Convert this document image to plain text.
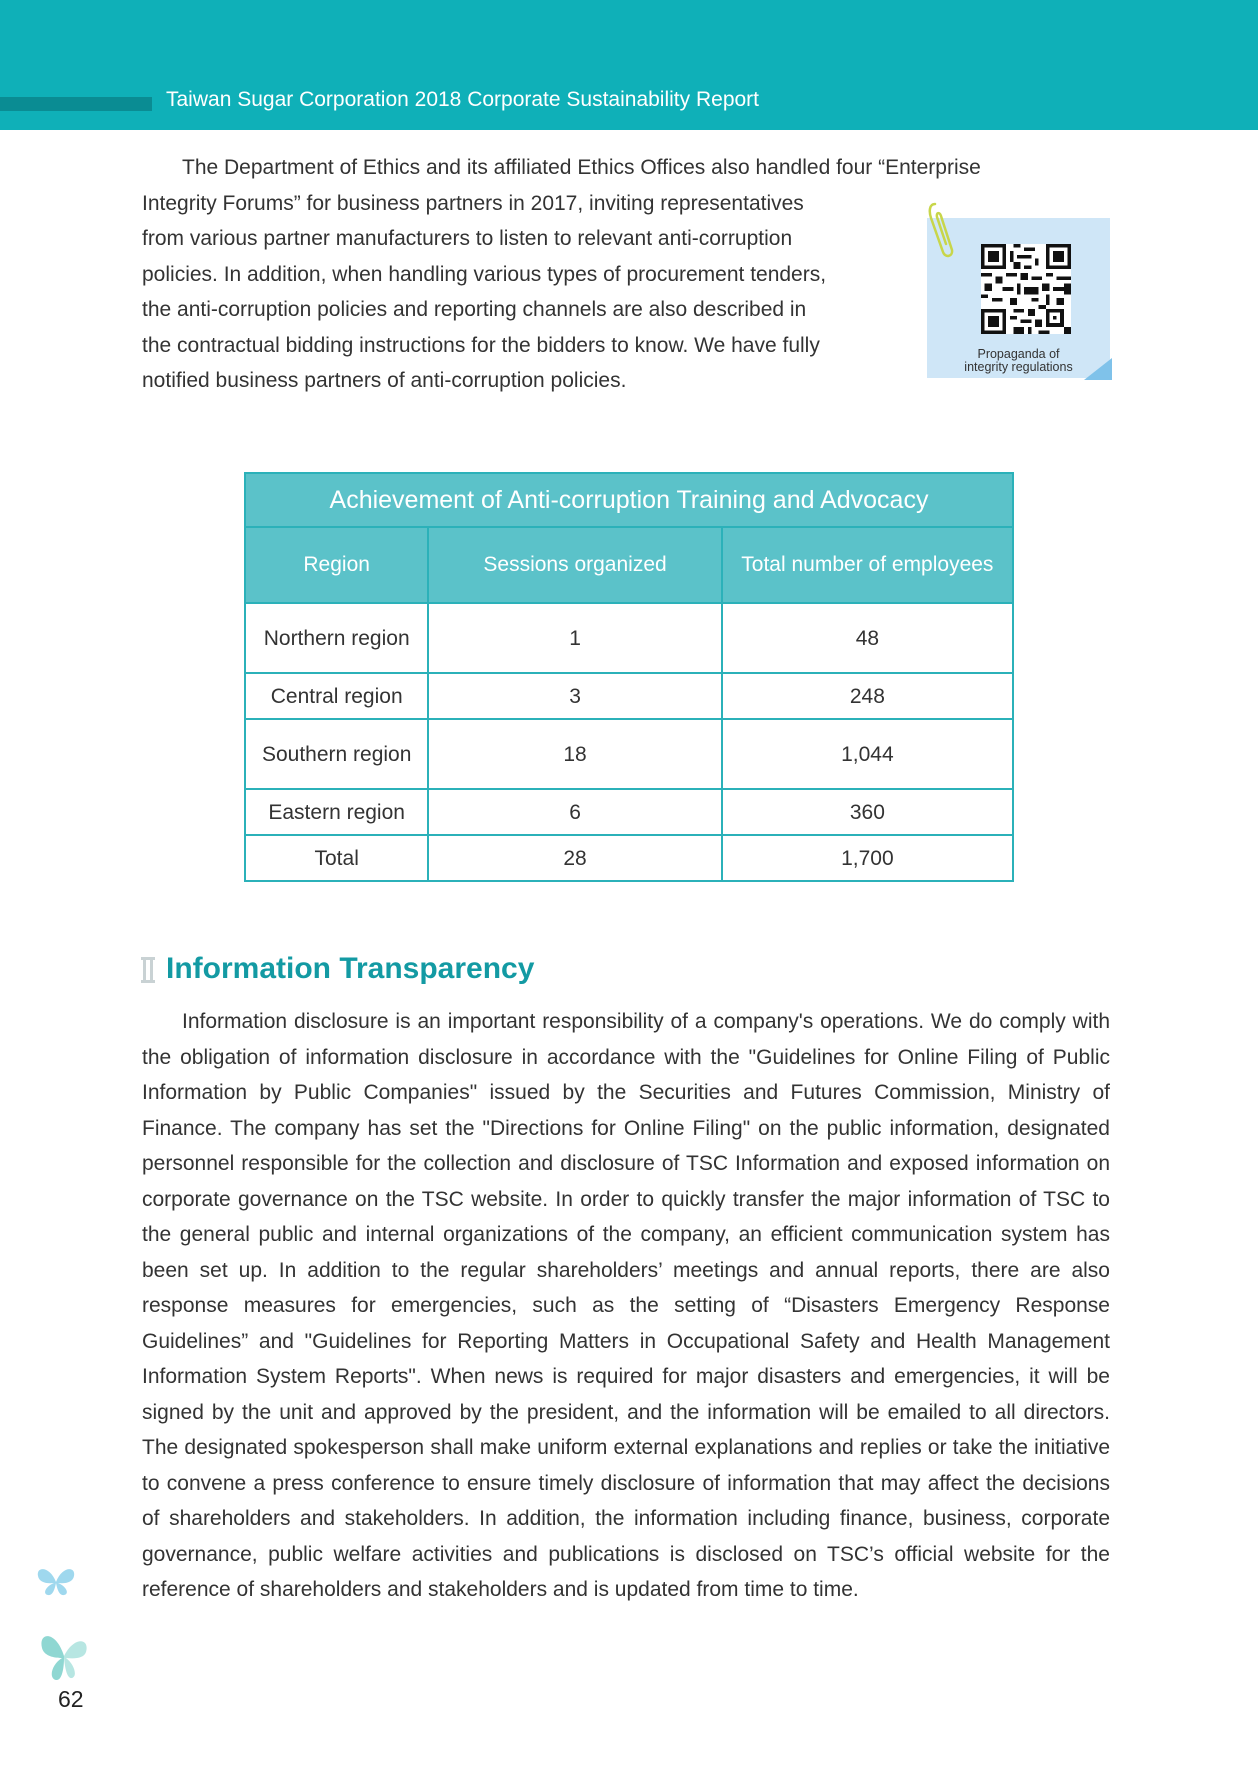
Taiwan Sugar Corporation 2018 Corporate Sustainability Report

The Department of Ethics and its affiliated Ethics Offices also handled four “Enterprise
Integrity Forums” for business partners in 2017, inviting representatives
from various partner manufacturers to listen to relevant anti-corruption
policies. In addition, when handling various types of procurement tenders,
the anti-corruption policies and reporting channels are also described in
the contractual bidding instructions for the bidders to know. We have fully
notified business partners of anti-corruption policies.

Propaganda of
integrity regulations
Achievement of Anti-corruption Training and Advocacy		
Region	Sessions organized	Total number of employees
Northern region	1	48
Central region	3	248
Southern region	18	1,044
Eastern region	6	360
Total	28	1,700
Information Transparency

Information disclosure is an important responsibility of a company's operations. We do comply with the obligation of information disclosure in accordance with the "Guidelines for Online Filing of Public Information by Public Companies" issued by the Securities and Futures Commission, Ministry of Finance. The company has set the "Directions for Online Filing" on the public information, designated personnel responsible for the collection and disclosure of TSC Information and exposed information on corporate governance on the TSC website. In order to quickly transfer the major information of TSC to the general public and internal organizations of the company, an efficient communication system has been set up. In addition to the regular shareholders’ meetings and annual reports, there are also response measures for emergencies, such as the setting of “Disasters Emergency Response Guidelines” and "Guidelines for Reporting Matters in Occupational Safety and Health Management Information System Reports". When news is required for major disasters and emergencies, it will be signed by the unit and approved by the president, and the information will be emailed to all directors. The designated spokesperson shall make uniform external explanations and replies or take the initiative to convene a press conference to ensure timely disclosure of information that may affect the decisions of shareholders and stakeholders. In addition, the information including finance, business, corporate governance, public welfare activities and publications is disclosed on TSC’s official website for the reference of shareholders and stakeholders and is updated from time to time.

62
